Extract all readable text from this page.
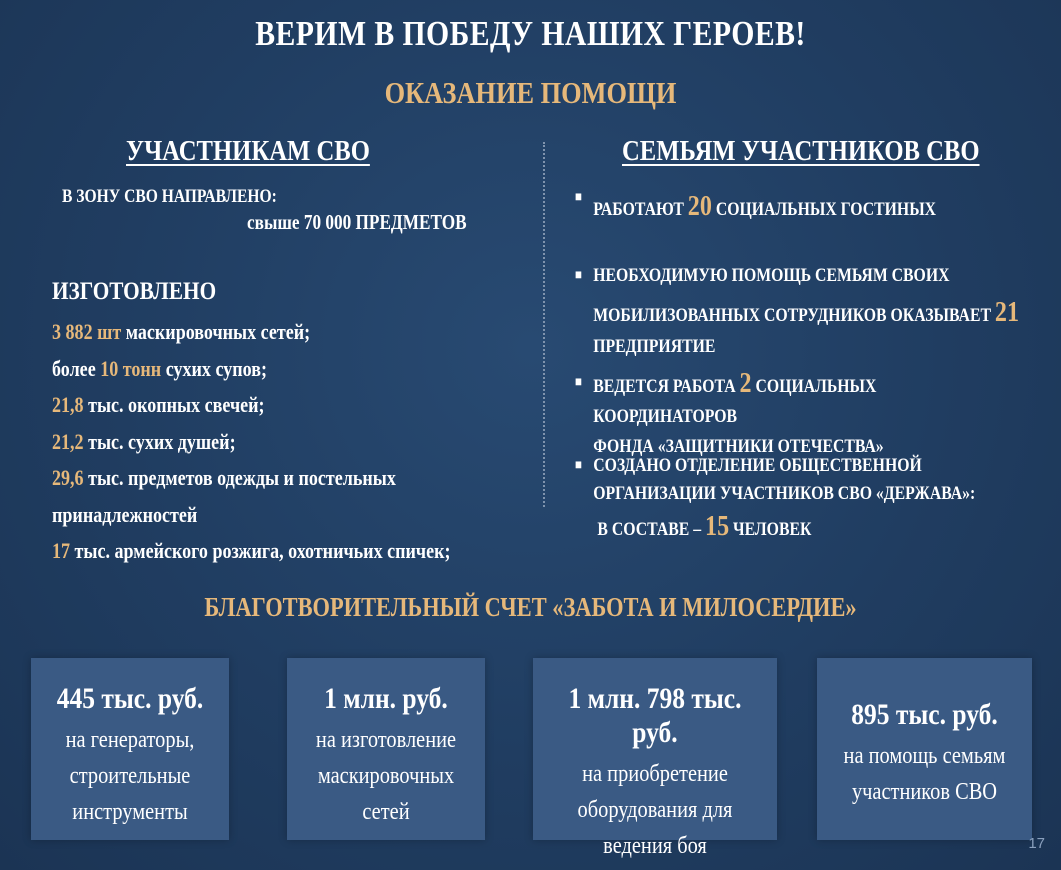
ВЕРИМ В ПОБЕДУ НАШИХ ГЕРОЕВ!
ОКАЗАНИЕ ПОМОЩИ
УЧАСТНИКАМ СВО	СЕМЬЯМ УЧАСТНИКОВ СВО
В ЗОНУ СВО НАПРАВЛЕНО:
свыше 70 000 ПРЕДМЕТОВ
ИЗГОТОВЛЕНО
3 882 шт маскировочных сетей;
более 10 тонн сухих супов;
21,8 тыс. окопных свечей;
21,2 тыс. сухих душей;
29,6 тыс. предметов одежды и постельных
принадлежностей
17 тыс. армейского розжига, охотничьих спичек;
■
РАБОТАЮТ 20 СОЦИАЛЬНЫХ ГОСТИНЫХ
■ НЕОБХОДИМУЮ ПОМОЩЬ СЕМЬЯМ СВОИХ
МОБИЛИЗОВАННЫХ СОТРУДНИКОВ ОКАЗЫВАЕТ 21
ПРЕДПРИЯТИЕ
■ ВЕДЕТСЯ РАБОТА 2 СОЦИАЛЬНЫХ КООРДИНАТОРОВ
ФОНДА «ЗАЩИТНИКИ ОТЕЧЕСТВА»
■ СОЗДАНО ОТДЕЛЕНИЕ ОБЩЕСТВЕННОЙ
ОРГАНИЗАЦИИ УЧАСТНИКОВ СВО «ДЕРЖАВА»:
В СОСТАВЕ – 15 ЧЕЛОВЕК
БЛАГОТВОРИТЕЛЬНЫЙ СЧЕТ «ЗАБОТА И МИЛОСЕРДИЕ»
445 тыс. руб.
на генераторы,
строительные
инструменты
1 млн. руб.
на изготовление
маскировочных
сетей
1 млн. 798 тыс. руб.
на приобретение
оборудования для
ведения боя
895 тыс. руб.
на помощь семьям
участников СВО
17
